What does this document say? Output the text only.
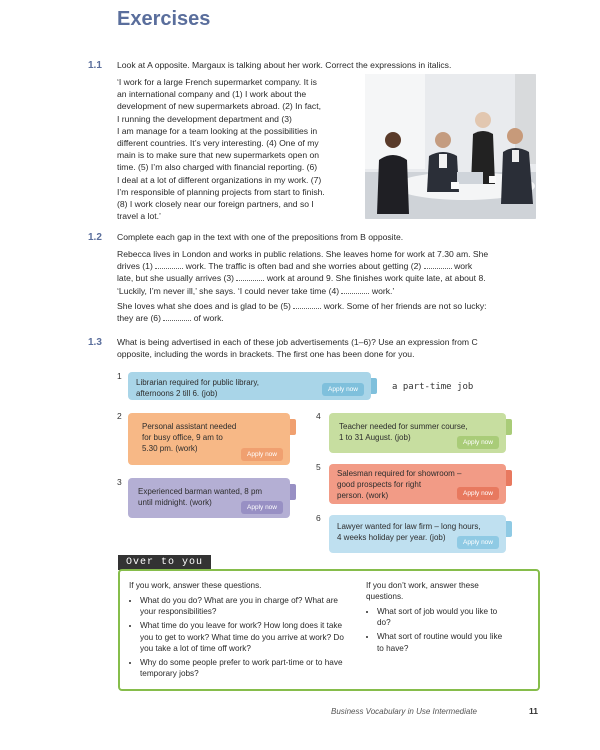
Exercises
1.1 Look at A opposite. Margaux is talking about her work. Correct the expressions in italics.
‘I work for a large French supermarket company. It is
an international company and (1) I work about the
development of new supermarkets abroad. (2) In fact,
I running the development department and (3)
I am manage for a team looking at the possibilities in
different countries. It’s very interesting. (4) One of my
main is to make sure that new supermarkets open on
time. (5) I’m also charged with financial reporting. (6)
I deal at a lot of different organizations in my work. (7)
I’m responsible of planning projects from start to finish.
(8) I work closely near our foreign partners, and so I
travel a lot.’
1.2 Complete each gap in the text with one of the prepositions from B opposite.
Rebecca lives in London and works in public relations. She leaves home for work at 7.30 am. She
drives (1)	work. The traffic is often bad and she worries about getting (2)	work
late, but she usually arrives (3)	work at around 9. She finishes work quite late, at about 8.
‘Luckily, I’m never ill,’ she says. ‘I could never take time (4)	work.’
She loves what she does and is glad to be (5)	work. Some of her friends are not so lucky:
they are (6)	of work.
1.3 What is being advertised in each of these job advertisements (1–6)? Use an expression from C
opposite, including the words in brackets. The first one has been done for you.
1
Librarian required for public library,
afternoons 2 till 6. (job)	Apply now	a part-time job
2
Personal assistant needed
for busy office, 9 am to
5.30 pm. (work)
Apply now
3
Experienced barman wanted, 8 pm
until midnight. (work)
Apply now
4
Teacher needed for summer course,
1 to 31 August. (job)
Apply now
5
Salesman required for showroom –
good prospects for right
person. (work)	Apply now
6
Lawyer wanted for law firm – long hours,
4 weeks holiday per year. (job)
Apply now
Over to you
If you work, answer these questions.
• What do you do? What are you in charge of? What are your responsibilities?
• What time do you leave for work? How long does it take you to get to work? What time do you arrive at work? Do you take a lot of time off work?
• Why do some people prefer to work part-time or to have temporary jobs?
If you don’t work, answer these questions.
• What sort of job would you like to do?
• What sort of routine would you like to have?
Business Vocabulary in Use Intermediate	11
